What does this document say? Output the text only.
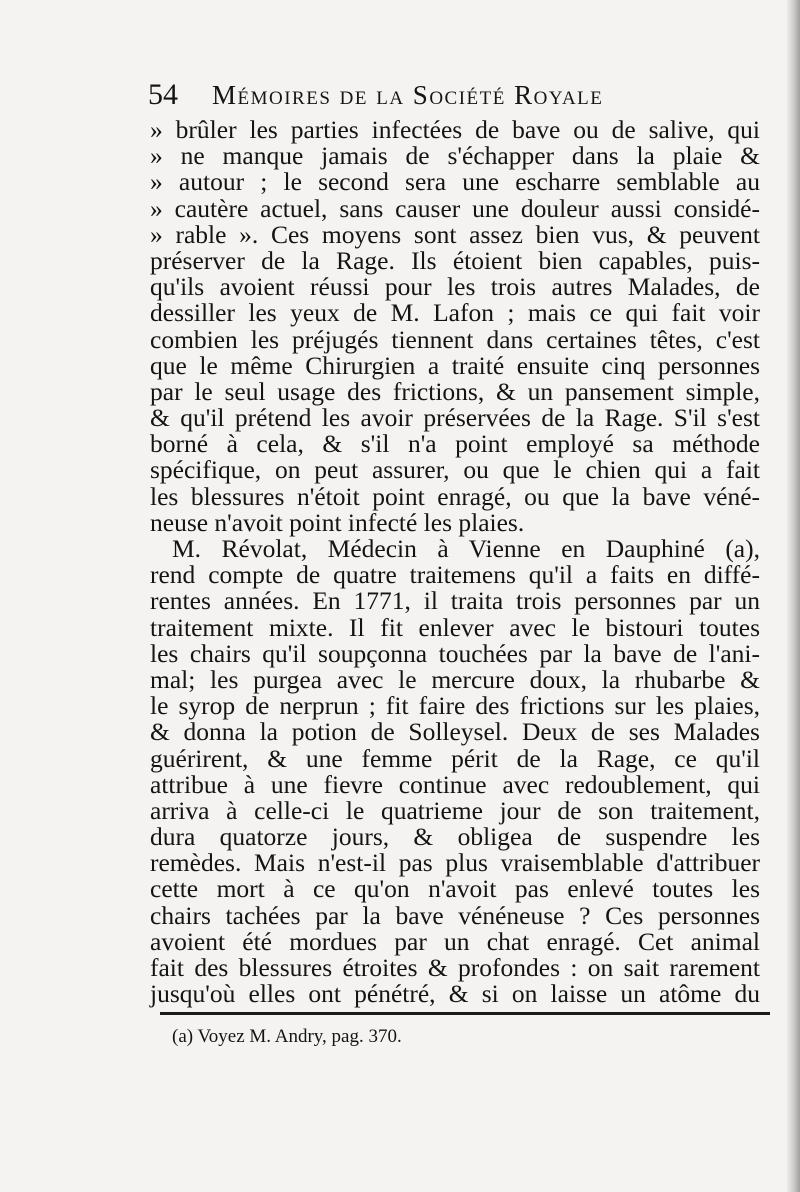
54	Mémoires de la Société Royale
» brûler les parties infectées de bave ou de salive, qui
» ne manque jamais de s'échapper dans la plaie &
» autour ; le second sera une escharre semblable au
» cautère actuel, sans causer une douleur aussi considé-
» rable ». Ces moyens sont assez bien vus, & peuvent
préserver de la Rage. Ils étoient bien capables, puis-
qu'ils avoient réussi pour les trois autres Malades, de
dessiller les yeux de M. Lafon ; mais ce qui fait voir
combien les préjugés tiennent dans certaines têtes, c'est
que le même Chirurgien a traité ensuite cinq personnes
par le seul usage des frictions, & un pansement simple,
& qu'il prétend les avoir préservées de la Rage. S'il s'est
borné à cela, & s'il n'a point employé sa méthode
spécifique, on peut assurer, ou que le chien qui a fait
les blessures n'étoit point enragé, ou que la bave véné-
neuse n'avoit point infecté les plaies.
M. Révolat, Médecin à Vienne en Dauphiné (a),
rend compte de quatre traitemens qu'il a faits en diffé-
rentes années. En 1771, il traita trois personnes par un
traitement mixte. Il fit enlever avec le bistouri toutes
les chairs qu'il soupçonna touchées par la bave de l'ani-
mal; les purgea avec le mercure doux, la rhubarbe &
le syrop de nerprun ; fit faire des frictions sur les plaies,
& donna la potion de Solleysel. Deux de ses Malades
guérirent, & une femme périt de la Rage, ce qu'il
attribue à une fievre continue avec redoublement, qui
arriva à celle-ci le quatrieme jour de son traitement,
dura quatorze jours, & obligea de suspendre les
remèdes. Mais n'est-il pas plus vraisemblable d'attribuer
cette mort à ce qu'on n'avoit pas enlevé toutes les
chairs tachées par la bave vénéneuse ? Ces personnes
avoient été mordues par un chat enragé. Cet animal
fait des blessures étroites & profondes : on sait rarement
jusqu'où elles ont pénétré, & si on laisse un atôme du
(a) Voyez M. Andry, pag. 370.
